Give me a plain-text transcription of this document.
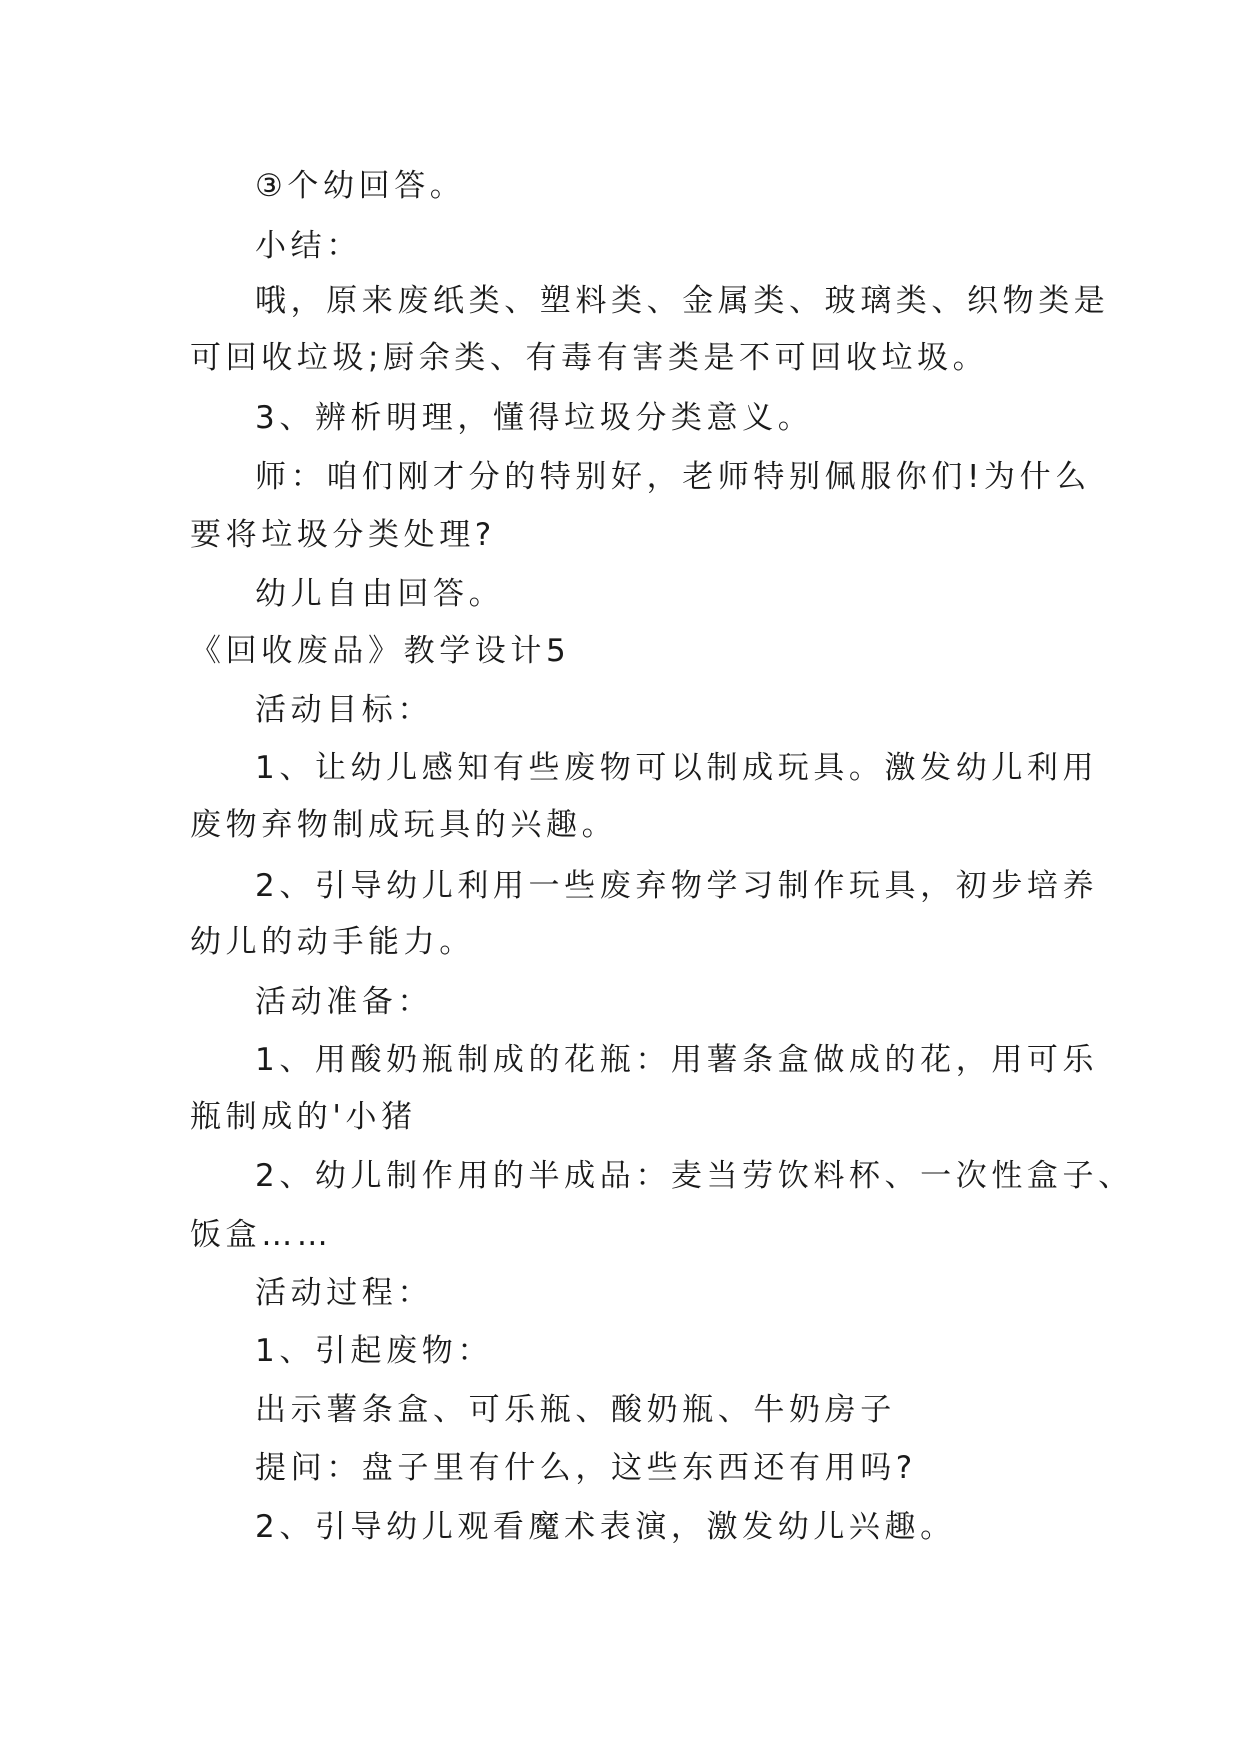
③个幼回答。
小结：
哦，原来废纸类、塑料类、金属类、玻璃类、织物类是
可回收垃圾;厨余类、有毒有害类是不可回收垃圾。
3、辨析明理，懂得垃圾分类意义。
师：咱们刚才分的特别好，老师特别佩服你们!为什么
要将垃圾分类处理?
幼儿自由回答。
《回收废品》教学设计5
活动目标：
1、让幼儿感知有些废物可以制成玩具。激发幼儿利用
废物弃物制成玩具的兴趣。
2、引导幼儿利用一些废弃物学习制作玩具，初步培养
幼儿的动手能力。
活动准备：
1、用酸奶瓶制成的花瓶：用薯条盒做成的花，用可乐
瓶制成的'小猪
2、幼儿制作用的半成品：麦当劳饮料杯、一次性盒子、
饭盒……
活动过程：
1、引起废物：
出示薯条盒、可乐瓶、酸奶瓶、牛奶房子
提问：盘子里有什么，这些东西还有用吗?
2、引导幼儿观看魔术表演，激发幼儿兴趣。
